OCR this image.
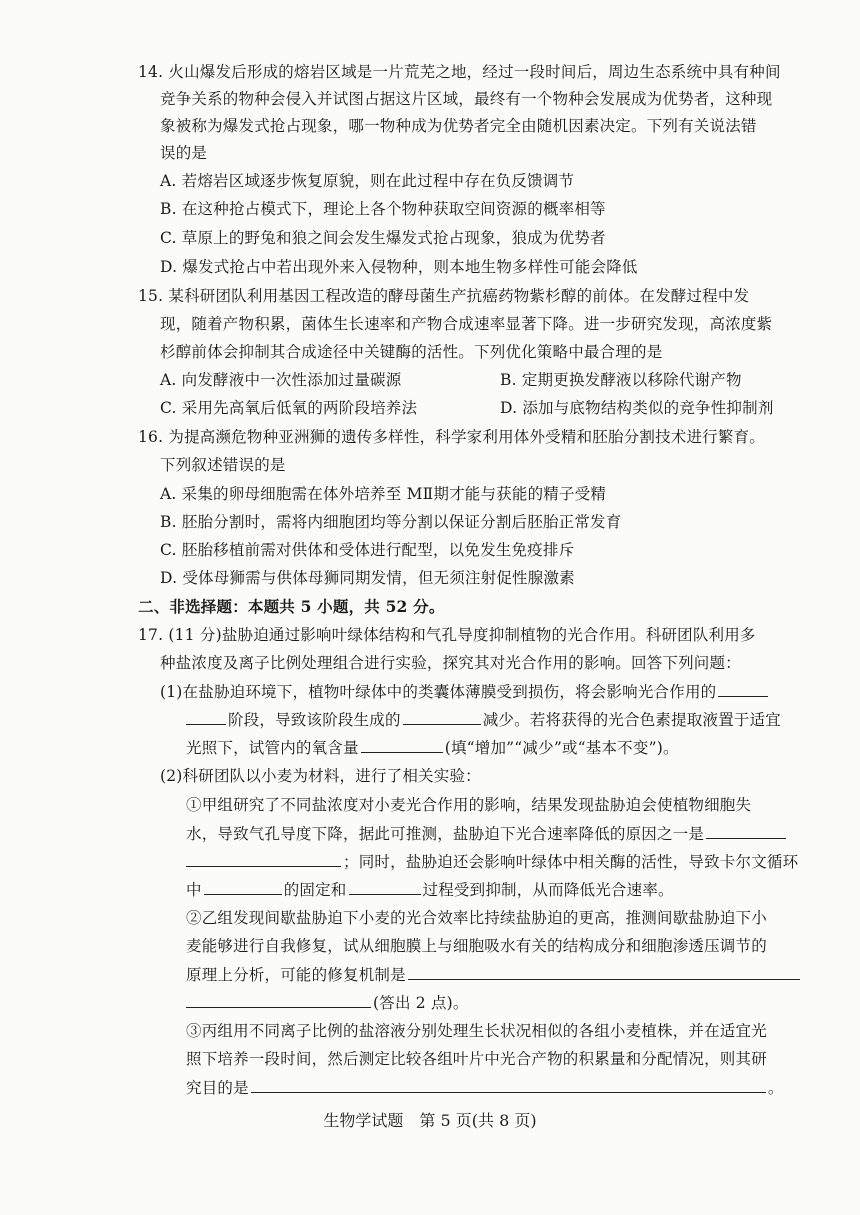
14. 火山爆发后形成的熔岩区域是一片荒芜之地，经过一段时间后，周边生态系统中具有种间
竞争关系的物种会侵入并试图占据这片区域，最终有一个物种会发展成为优势者，这种现
象被称为爆发式抢占现象，哪一物种成为优势者完全由随机因素决定。下列有关说法错
误的是
A. 若熔岩区域逐步恢复原貌，则在此过程中存在负反馈调节
B. 在这种抢占模式下，理论上各个物种获取空间资源的概率相等
C. 草原上的野兔和狼之间会发生爆发式抢占现象，狼成为优势者
D. 爆发式抢占中若出现外来入侵物种，则本地生物多样性可能会降低
15. 某科研团队利用基因工程改造的酵母菌生产抗癌药物紫杉醇的前体。在发酵过程中发
现，随着产物积累，菌体生长速率和产物合成速率显著下降。进一步研究发现，高浓度紫
杉醇前体会抑制其合成途径中关键酶的活性。下列优化策略中最合理的是
A. 向发酵液中一次性添加过量碳源	B. 定期更换发酵液以移除代谢产物
C. 采用先高氧后低氧的两阶段培养法	D. 添加与底物结构类似的竞争性抑制剂
16. 为提高濒危物种亚洲狮的遗传多样性，科学家利用体外受精和胚胎分割技术进行繁育。
下列叙述错误的是
A. 采集的卵母细胞需在体外培养至 MⅡ期才能与获能的精子受精
B. 胚胎分割时，需将内细胞团均等分割以保证分割后胚胎正常发育
C. 胚胎移植前需对供体和受体进行配型，以免发生免疫排斥
D. 受体母狮需与供体母狮同期发情，但无须注射促性腺激素
二、非选择题：本题共 5 小题，共 52 分。
17. (11 分)盐胁迫通过影响叶绿体结构和气孔导度抑制植物的光合作用。科研团队利用多
种盐浓度及离子比例处理组合进行实验，探究其对光合作用的影响。回答下列问题：
(1)在盐胁迫环境下，植物叶绿体中的类囊体薄膜受到损伤，将会影响光合作用的
阶段，导致该阶段生成的	减少。若将获得的光合色素提取液置于适宜
光照下，试管内的氧含量	(填“增加”“减少”或“基本不变”)。
(2)科研团队以小麦为材料，进行了相关实验：
①甲组研究了不同盐浓度对小麦光合作用的影响，结果发现盐胁迫会使植物细胞失
水，导致气孔导度下降，据此可推测，盐胁迫下光合速率降低的原因之一是
；同时，盐胁迫还会影响叶绿体中相关酶的活性，导致卡尔文循环
中	的固定和	过程受到抑制，从而降低光合速率。
②乙组发现间歇盐胁迫下小麦的光合效率比持续盐胁迫的更高，推测间歇盐胁迫下小
麦能够进行自我修复，试从细胞膜上与细胞吸水有关的结构成分和细胞渗透压调节的
原理上分析，可能的修复机制是
(答出 2 点)。
③丙组用不同离子比例的盐溶液分别处理生长状况相似的各组小麦植株，并在适宜光
照下培养一段时间，然后测定比较各组叶片中光合产物的积累量和分配情况，则其研
究目的是	。
生物学试题　第 5 页(共 8 页)
